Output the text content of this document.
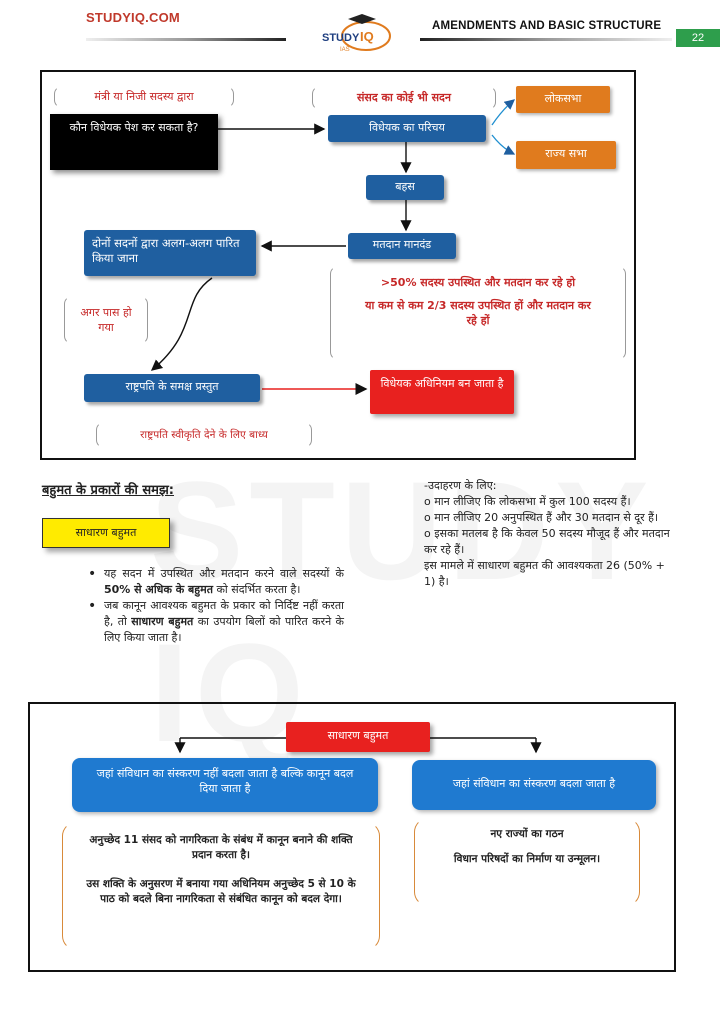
STUDYIQ.COM
STUDY IQ
IAS
AMENDMENTS AND BASIC STRUCTURE
22
मंत्री या निजी सदस्य द्वारा
कौन विधेयक पेश कर सकता है?
संसद का कोई भी सदन
विधेयक का परिचय
लोकसभा
राज्य सभा
बहस
मतदान मानदंड
दोनों सदनों द्वारा अलग-अलग पारित किया जाना
>50% सदस्य उपस्थित और मतदान कर रहे हो
या कम से कम 2/3 सदस्य उपस्थित हों और मतदान कर रहे हों
अगर पास हो गया
राष्ट्रपति के समक्ष प्रस्तुत	विधेयक अधिनियम बन जाता है
राष्ट्रपति स्वीकृति देने के लिए बाध्य
बहुमत के प्रकारों की समझ:
साधारण बहुमत
• यह सदन में उपस्थित और मतदान करने वाले सदस्यों के 50% से अधिक के बहुमत को संदर्भित करता है।
• जब कानून आवश्यक बहुमत के प्रकार को निर्दिष्ट नहीं करता है, तो साधारण बहुमत का उपयोग बिलों को पारित करने के लिए किया जाता है।
-उदाहरण के लिए:
o मान लीजिए कि लोकसभा में कुल 100 सदस्य हैं।
o मान लीजिए 20 अनुपस्थित हैं और 30 मतदान से दूर हैं।
o इसका मतलब है कि केवल 50 सदस्य मौजूद हैं और मतदान कर रहे हैं।
इस मामले में साधारण बहुमत की आवश्यकता 26 (50% + 1) है।
साधारण बहुमत
जहां संविधान का संस्करण नहीं बदला जाता है बल्कि कानून बदल दिया जाता है	जहां संविधान का संस्करण बदला जाता है
अनुच्छेद 11 संसद को नागरिकता के संबंध में कानून बनाने की शक्ति प्रदान करता है।
उस शक्ति के अनुसरण में बनाया गया अधिनियम अनुच्छेद 5 से 10 के पाठ को बदले बिना नागरिकता से संबंधित कानून को बदल देगा।
नए राज्यों का गठन
विधान परिषदों का निर्माण या उन्मूलन।
